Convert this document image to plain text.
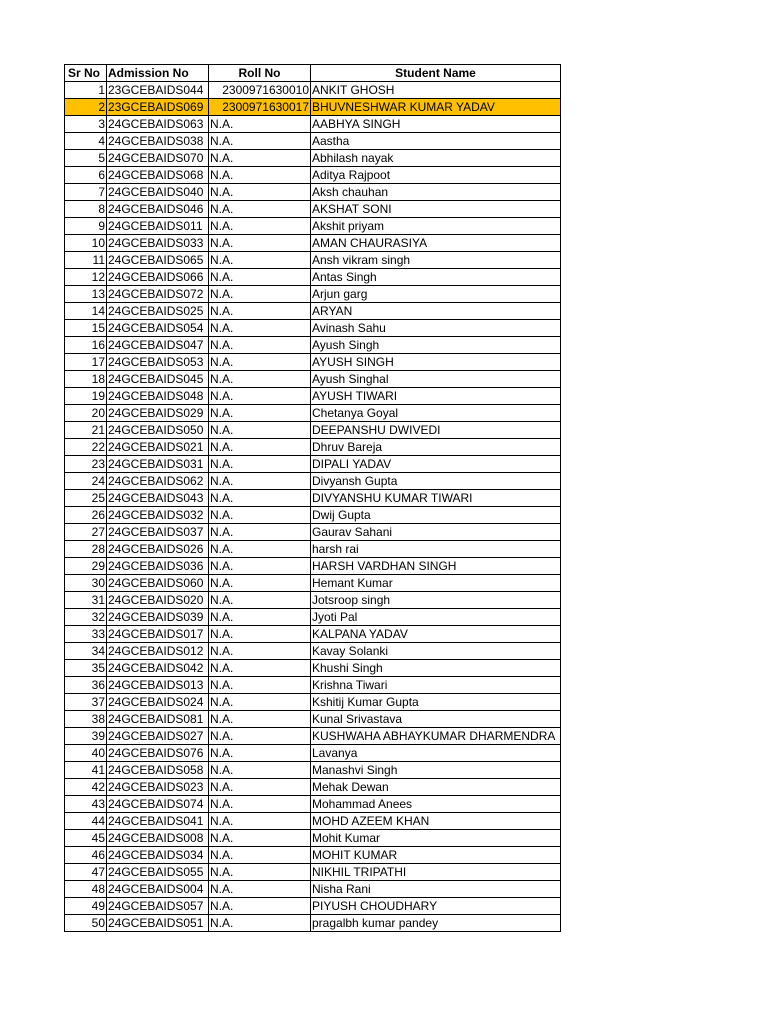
Sr No	Admission No	Roll No	Student Name
1	23GCEBAIDS044	2300971630010	ANKIT GHOSH
2	23GCEBAIDS069	2300971630017	BHUVNESHWAR KUMAR YADAV
3	24GCEBAIDS063	N.A.	AABHYA SINGH
4	24GCEBAIDS038	N.A.	Aastha
5	24GCEBAIDS070	N.A.	Abhilash nayak
6	24GCEBAIDS068	N.A.	Aditya Rajpoot
7	24GCEBAIDS040	N.A.	Aksh chauhan
8	24GCEBAIDS046	N.A.	AKSHAT SONI
9	24GCEBAIDS011	N.A.	Akshit priyam
10	24GCEBAIDS033	N.A.	AMAN CHAURASIYA
11	24GCEBAIDS065	N.A.	Ansh vikram singh
12	24GCEBAIDS066	N.A.	Antas Singh
13	24GCEBAIDS072	N.A.	Arjun garg
14	24GCEBAIDS025	N.A.	ARYAN
15	24GCEBAIDS054	N.A.	Avinash Sahu
16	24GCEBAIDS047	N.A.	Ayush Singh
17	24GCEBAIDS053	N.A.	AYUSH SINGH
18	24GCEBAIDS045	N.A.	Ayush Singhal
19	24GCEBAIDS048	N.A.	AYUSH TIWARI
20	24GCEBAIDS029	N.A.	Chetanya Goyal
21	24GCEBAIDS050	N.A.	DEEPANSHU DWIVEDI
22	24GCEBAIDS021	N.A.	Dhruv Bareja
23	24GCEBAIDS031	N.A.	DIPALI YADAV
24	24GCEBAIDS062	N.A.	Divyansh Gupta
25	24GCEBAIDS043	N.A.	DIVYANSHU KUMAR TIWARI
26	24GCEBAIDS032	N.A.	Dwij Gupta
27	24GCEBAIDS037	N.A.	Gaurav Sahani
28	24GCEBAIDS026	N.A.	harsh rai
29	24GCEBAIDS036	N.A.	HARSH VARDHAN SINGH
30	24GCEBAIDS060	N.A.	Hemant Kumar
31	24GCEBAIDS020	N.A.	Jotsroop singh
32	24GCEBAIDS039	N.A.	Jyoti Pal
33	24GCEBAIDS017	N.A.	KALPANA YADAV
34	24GCEBAIDS012	N.A.	Kavay Solanki
35	24GCEBAIDS042	N.A.	Khushi Singh
36	24GCEBAIDS013	N.A.	Krishna Tiwari
37	24GCEBAIDS024	N.A.	Kshitij Kumar Gupta
38	24GCEBAIDS081	N.A.	Kunal Srivastava
39	24GCEBAIDS027	N.A.	KUSHWAHA ABHAYKUMAR DHARMENDRA
40	24GCEBAIDS076	N.A.	Lavanya
41	24GCEBAIDS058	N.A.	Manashvi Singh
42	24GCEBAIDS023	N.A.	Mehak Dewan
43	24GCEBAIDS074	N.A.	Mohammad Anees
44	24GCEBAIDS041	N.A.	MOHD AZEEM KHAN
45	24GCEBAIDS008	N.A.	Mohit Kumar
46	24GCEBAIDS034	N.A.	MOHIT KUMAR
47	24GCEBAIDS055	N.A.	NIKHIL TRIPATHI
48	24GCEBAIDS004	N.A.	Nisha Rani
49	24GCEBAIDS057	N.A.	PIYUSH CHOUDHARY
50	24GCEBAIDS051	N.A.	pragalbh kumar pandey
